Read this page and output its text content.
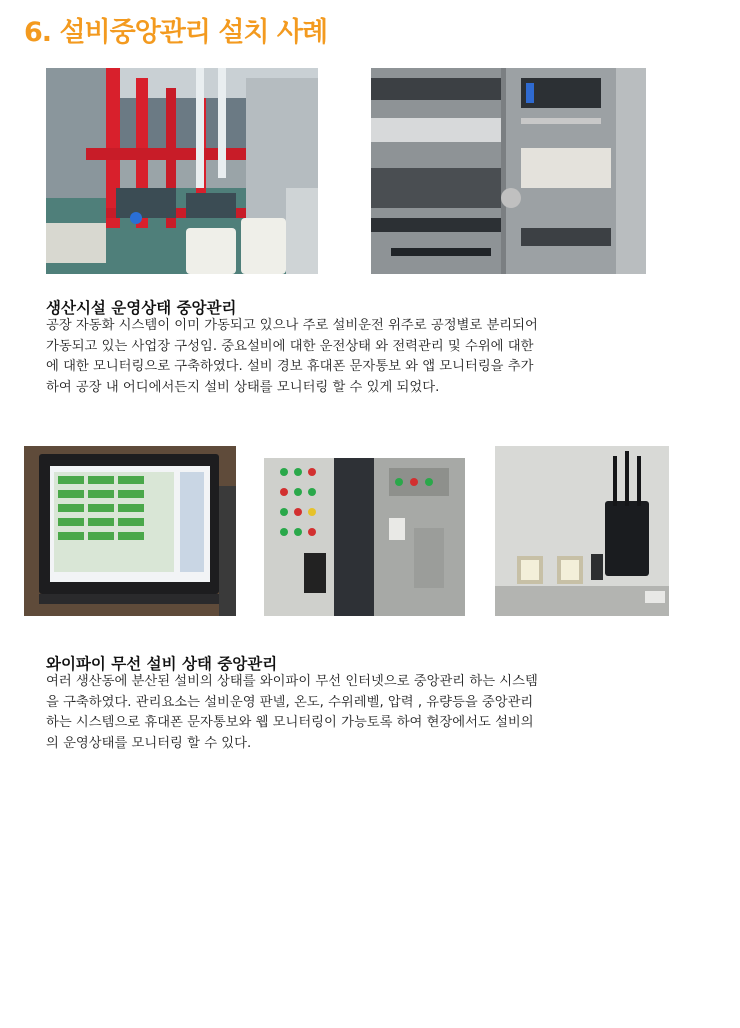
6. 설비중앙관리 설치 사례
생산시설 운영상태 중앙관리
공장 자동화 시스템이 이미 가동되고 있으나 주로 설비운전 위주로 공정별로 분리되어
가동되고 있는 사업장 구성임. 중요설비에 대한 운전상태 와 전력관리 및 수위에 대한
에 대한 모니터링으로 구축하였다. 설비 경보 휴대폰 문자통보 와 앱 모니터링을 추가
하여 공장 내 어디에서든지 설비 상태를 모니터링 할 수 있게 되었다.
와이파이 무선 설비 상태 중앙관리
여러 생산동에 분산된 설비의 상태를 와이파이 무선 인터넷으로 중앙관리 하는 시스템
을 구축하였다. 관리요소는 설비운영 판넬, 온도, 수위레벨, 압력 , 유량등을 중앙관리
하는 시스템으로 휴대폰 문자통보와 웹 모니터링이 가능토록 하여 현장에서도 설비의
의 운영상태를 모니터링 할 수 있다.
